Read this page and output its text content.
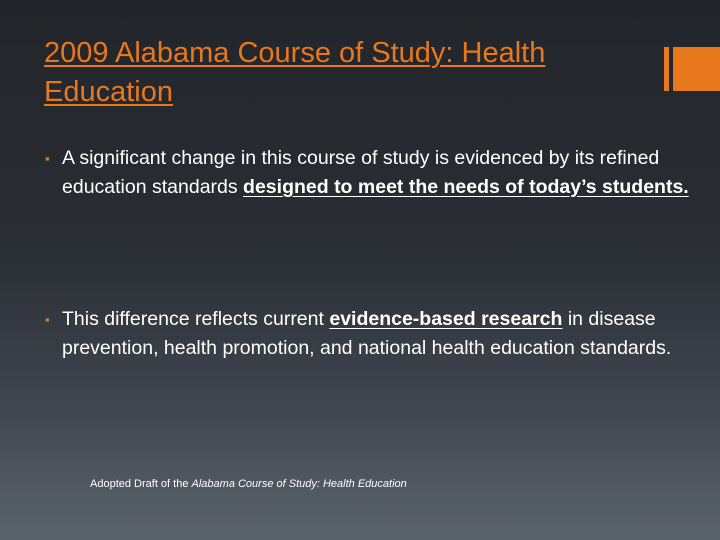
2009 Alabama Course of Study: Health Education
▪ A significant change in this course of study is evidenced by its refined education standards designed to meet the needs of today’s students.
▪ This difference reflects current evidence-based research in disease prevention, health promotion, and national health education standards.
Adopted Draft of the Alabama Course of Study: Health Education
